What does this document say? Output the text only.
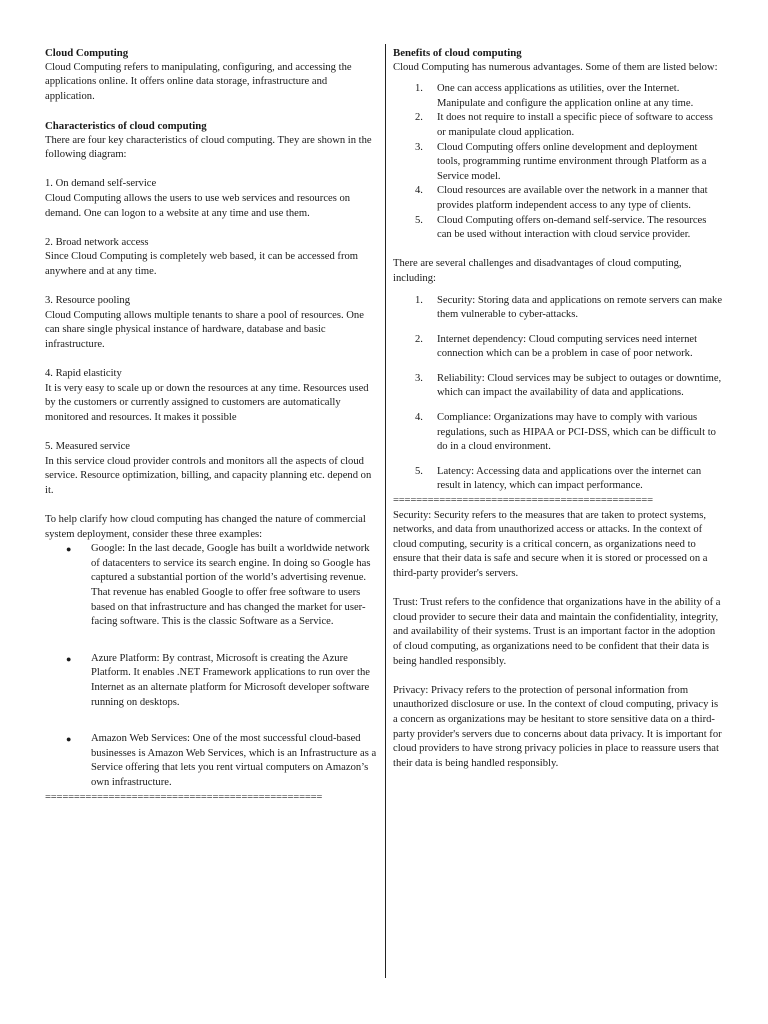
Cloud Computing

Cloud Computing refers to manipulating, configuring, and accessing the applications online. It offers online data storage, infrastructure and application.

Characteristics of cloud computing

There are four key characteristics of cloud computing. They are shown in the following diagram:

1. On demand self-service

Cloud Computing allows the users to use web services and resources on demand. One can logon to a website at any time and use them.

2. Broad network access

Since Cloud Computing is completely web based, it can be accessed from anywhere and at any time.

3. Resource pooling

Cloud Computing allows multiple tenants to share a pool of resources. One can share single physical instance of hardware, database and basic infrastructure.

4. Rapid elasticity

It is very easy to scale up or down the resources at any time. Resources used by the customers or currently assigned to customers are automatically monitored and resources. It makes it possible

5. Measured service

In this service cloud provider controls and monitors all the aspects of cloud service. Resource optimization, billing, and capacity planning etc. depend on it.

To help clarify how cloud computing has changed the nature of commercial system deployment, consider these three examples:

● Google: In the last decade, Google has built a worldwide network of datacenters to service its search engine. In doing so Google has captured a substantial portion of the world’s advertising revenue. That revenue has enabled Google to offer free software to users based on that infrastructure and has changed the market for user-facing software. This is the classic Software as a Service.
● Azure Platform: By contrast, Microsoft is creating the Azure Platform. It enables .NET Framework applications to run over the Internet as an alternate platform for Microsoft developer software running on desktops.
● Amazon Web Services: One of the most successful cloud-based businesses is Amazon Web Services, which is an Infrastructure as a Service offering that lets you rent virtual computers on Amazon’s own infrastructure.
================================================
Benefits of cloud computing

Cloud Computing has numerous advantages. Some of them are listed below:

1. One can access applications as utilities, over the Internet.
Manipulate and configure the application online at any time.
2. It does not require to install a specific piece of software to access or manipulate cloud application.
3. Cloud Computing offers online development and deployment tools, programming runtime environment through Platform as a Service model.
4. Cloud resources are available over the network in a manner that provides platform independent access to any type of clients.
5. Cloud Computing offers on-demand self-service. The resources can be used without interaction with cloud service provider.

There are several challenges and disadvantages of cloud computing, including:

1. Security: Storing data and applications on remote servers can make them vulnerable to cyber-attacks.
2. Internet dependency: Cloud computing services need internet connection which can be a problem in case of poor network.
3. Reliability: Cloud services may be subject to outages or downtime, which can impact the availability of data and applications.
4. Compliance: Organizations may have to comply with various regulations, such as HIPAA or PCI-DSS, which can be difficult to do in a cloud environment.
5. Latency: Accessing data and applications over the internet can result in latency, which can impact performance.
=============================================

Security: Security refers to the measures that are taken to protect systems, networks, and data from unauthorized access or attacks. In the context of cloud computing, security is a critical concern, as organizations need to ensure that their data is safe and secure when it is stored or processed on a third-party provider's servers.

Trust: Trust refers to the confidence that organizations have in the ability of a cloud provider to secure their data and maintain the confidentiality, integrity, and availability of their systems. Trust is an important factor in the adoption of cloud computing, as organizations need to be confident that their data is being handled responsibly.

Privacy: Privacy refers to the protection of personal information from unauthorized disclosure or use. In the context of cloud computing, privacy is a concern as organizations may be hesitant to store sensitive data on a third-party provider's servers due to concerns about data privacy. It is important for cloud providers to have strong privacy policies in place to reassure users that their data is being handled responsibly.
